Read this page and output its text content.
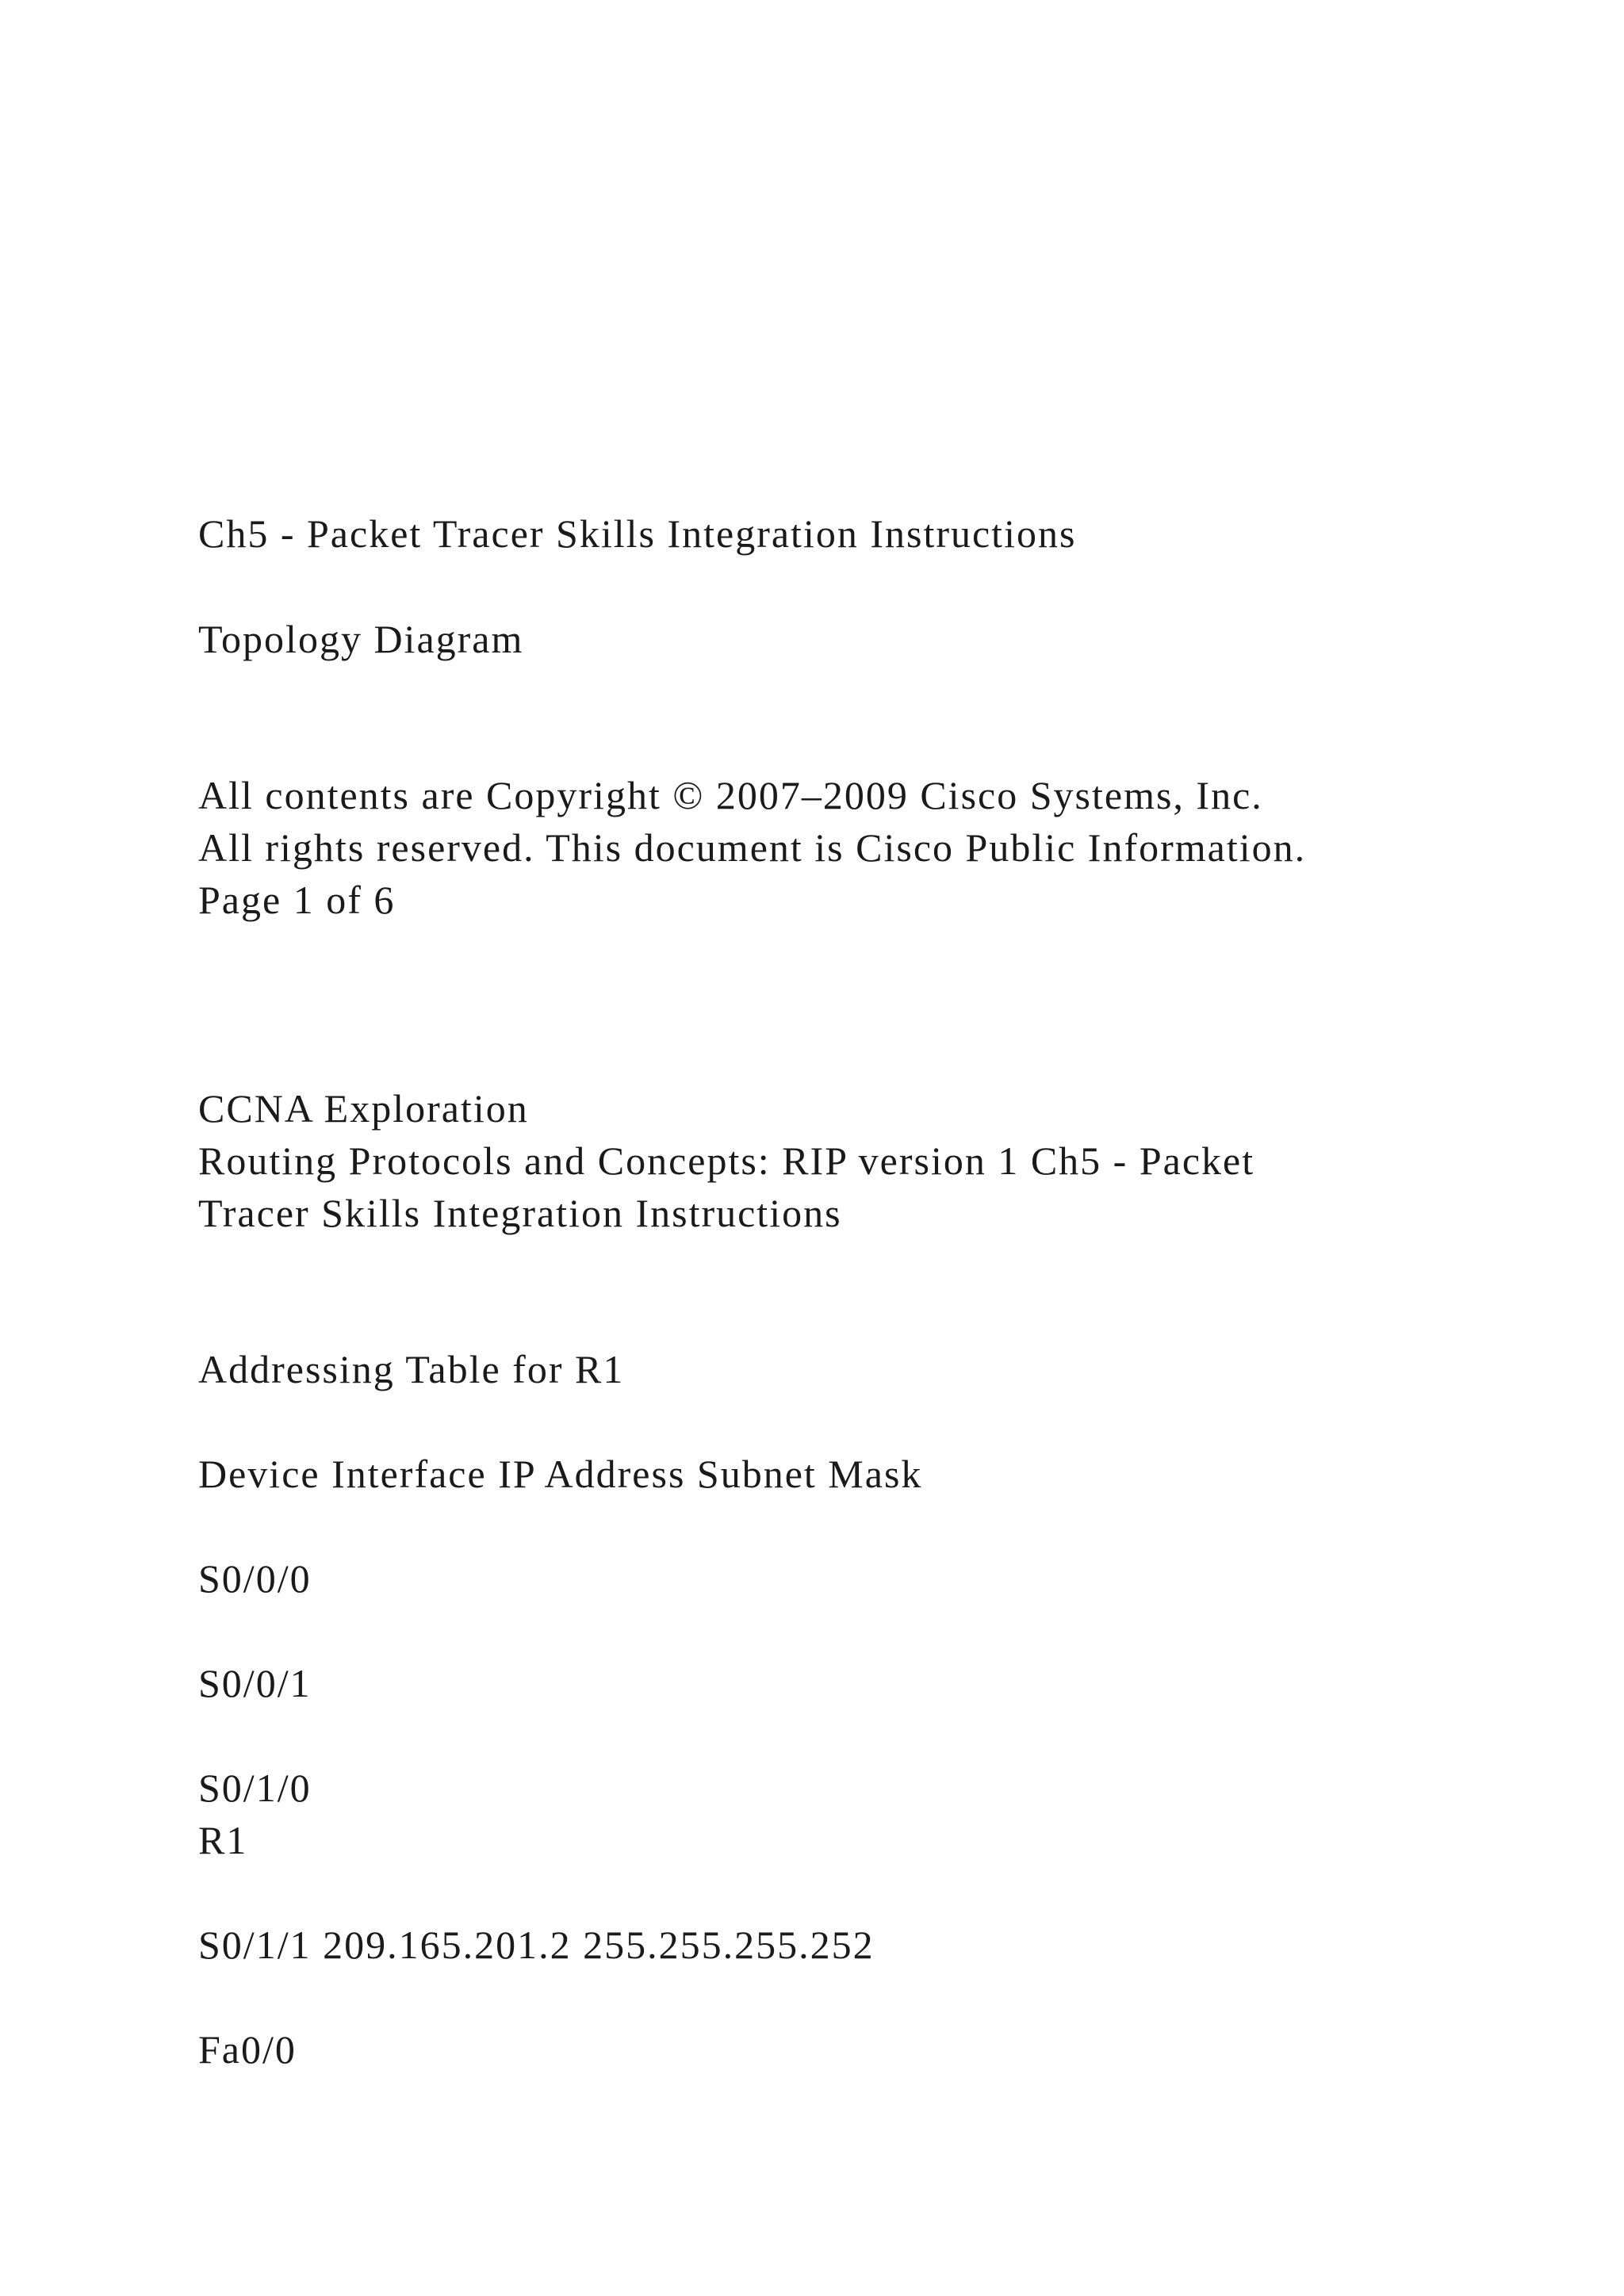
Ch5 - Packet Tracer Skills Integration Instructions
Topology Diagram
All contents are Copyright © 2007–2009 Cisco Systems, Inc.
All rights reserved. This document is Cisco Public Information.
Page 1 of 6
CCNA Exploration
Routing Protocols and Concepts: RIP version 1 Ch5 - Packet
Tracer Skills Integration Instructions
Addressing Table for R1
Device Interface IP Address Subnet Mask
S0/0/0
S0/0/1
S0/1/0
R1
S0/1/1 209.165.201.2 255.255.255.252
Fa0/0
